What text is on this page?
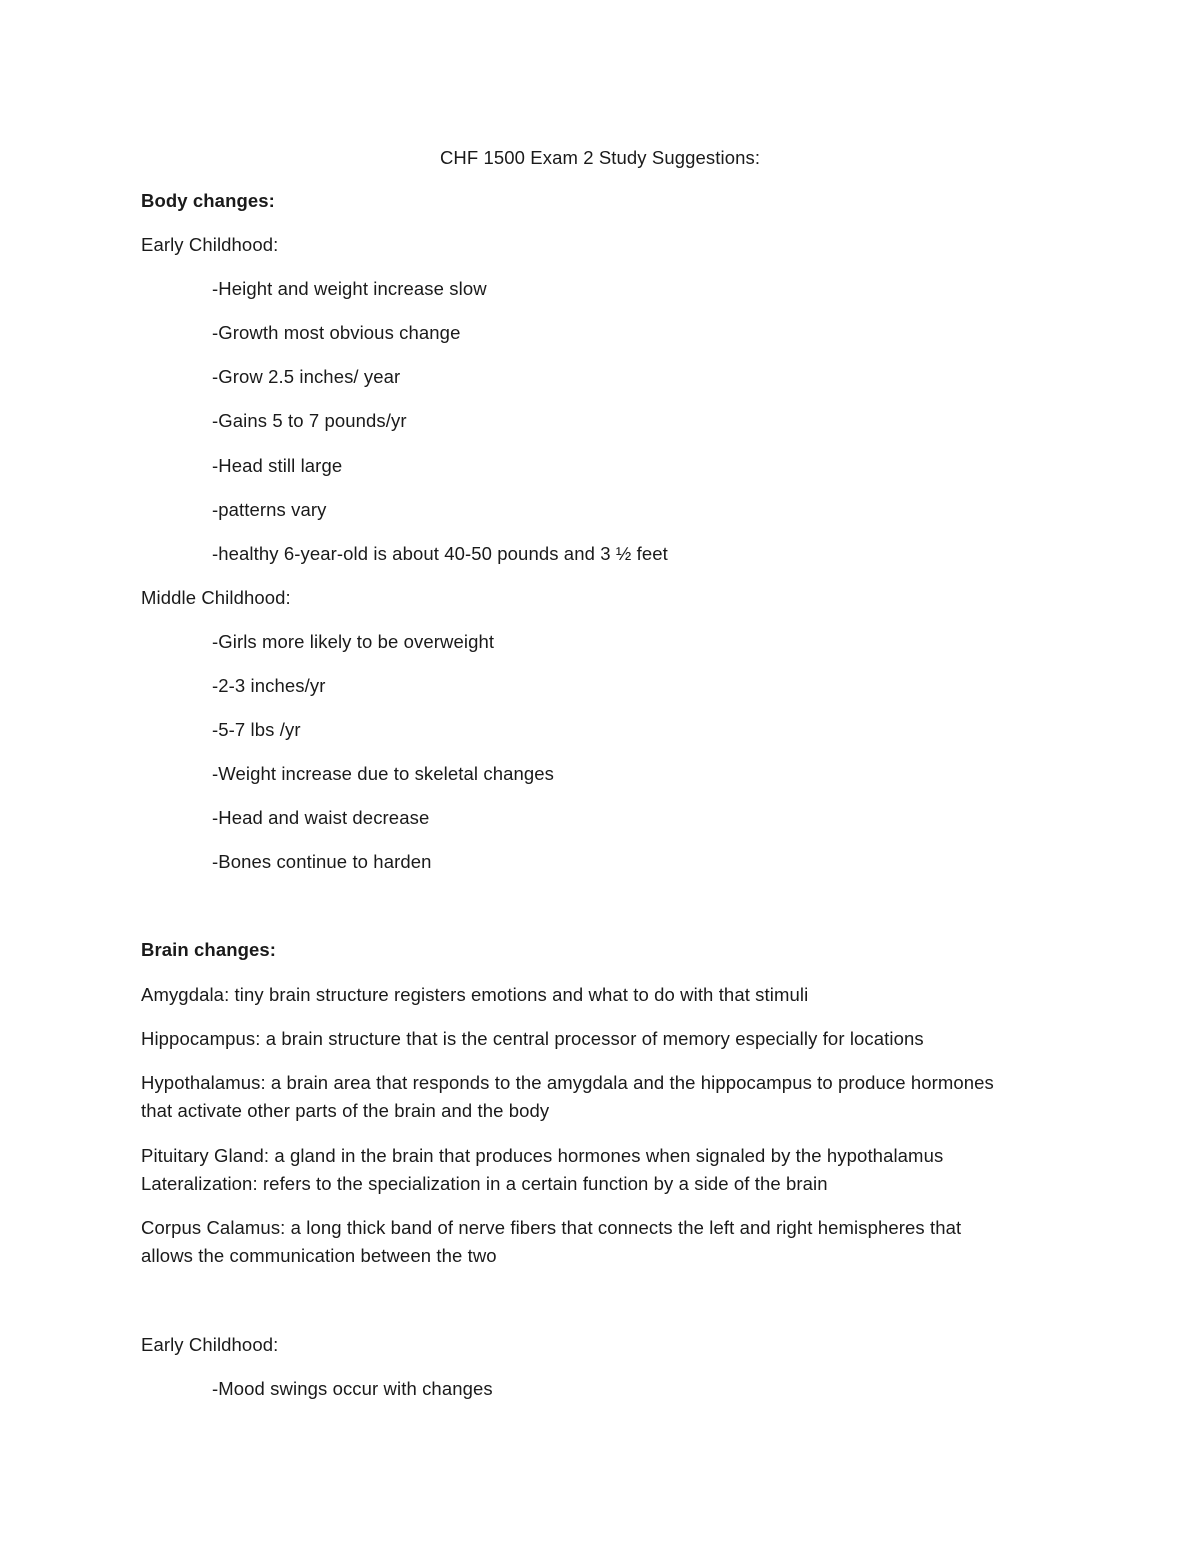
CHF 1500 Exam 2 Study Suggestions:
Body changes:
Early Childhood:
-Height and weight increase slow
-Growth most obvious change
-Grow 2.5 inches/ year
-Gains 5 to 7 pounds/yr
-Head still large
-patterns vary
-healthy 6-year-old is about 40-50 pounds and 3 ½ feet
Middle Childhood:
-Girls more likely to be overweight
-2-3 inches/yr
-5-7 lbs /yr
-Weight increase due to skeletal changes
-Head and waist decrease
-Bones continue to harden
Brain changes:
Amygdala: tiny brain structure registers emotions and what to do with that stimuli
Hippocampus: a brain structure that is the central processor of memory especially for locations
Hypothalamus: a brain area that responds to the amygdala and the hippocampus to produce hormones
that activate other parts of the brain and the body
Pituitary Gland: a gland in the brain that produces hormones when signaled by the hypothalamus
Lateralization: refers to the specialization in a certain function by a side of the brain
Corpus Calamus: a long thick band of nerve fibers that connects the left and right hemispheres that
allows the communication between the two
Early Childhood:
-Mood swings occur with changes
